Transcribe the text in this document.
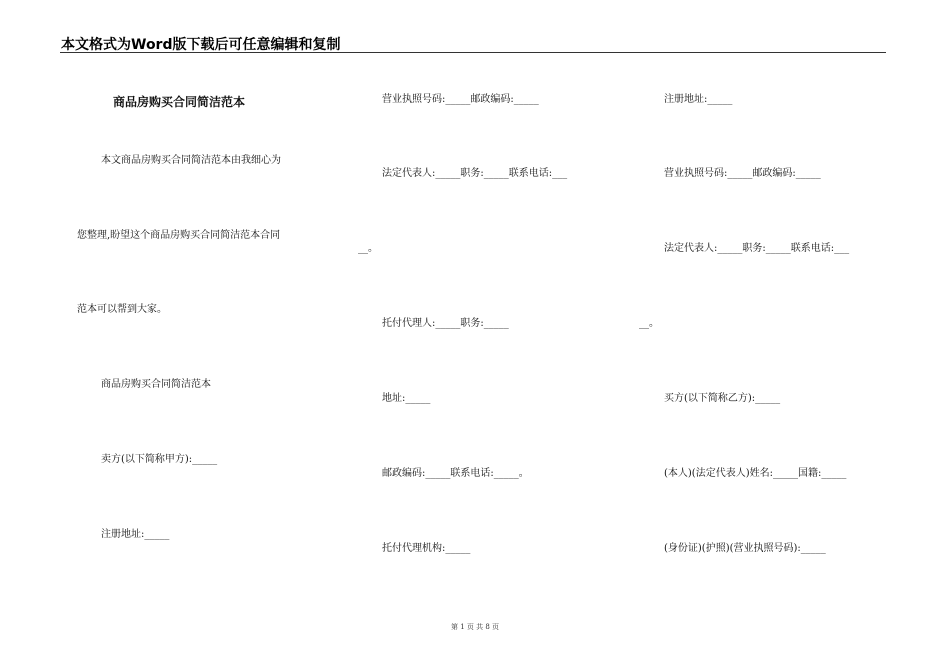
本文格式为Word版下载后可任意编辑和复制
商品房购买合同简洁范本
本文商品房购买合同简洁范本由我细心为
您整理,盼望这个商品房购买合同简洁范本合同
范本可以帮到大家。
商品房购买合同简洁范本
卖方(以下简称甲方):_____
注册地址:_____
营业执照号码:_____邮政编码:_____
法定代表人:_____职务:_____联系电话:___
__。
托付代理人:_____职务:_____
地址:_____
邮政编码:_____联系电话:_____。
托付代理机构:_____
注册地址:_____
营业执照号码:_____邮政编码:_____
法定代表人:_____职务:_____联系电话:___
__。
买方(以下简称乙方):_____
(本人)(法定代表人)姓名:_____国籍:_____
(身份证)(护照)(营业执照号码):_____
第 1 页 共 8 页
